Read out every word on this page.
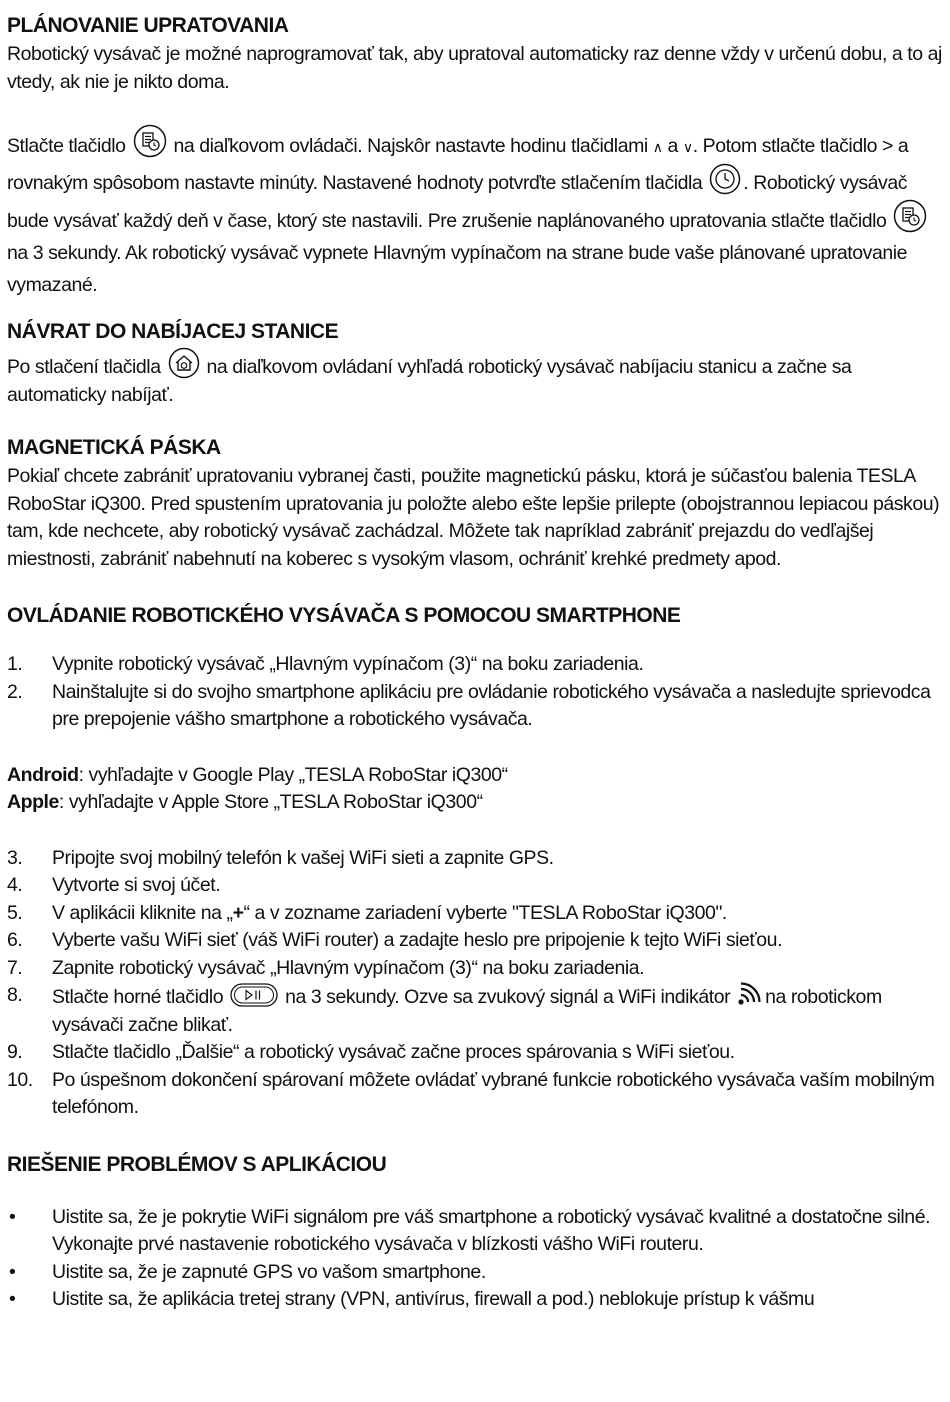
PLÁNOVANIE UPRATOVANIA

Robotický vysávač je možné naprogramovať tak, aby upratoval automaticky raz denne vždy v určenú dobu, a to aj vtedy, ak nie je nikto doma.

Stlačte tlačidlo na diaľkovom ovládači. Najskôr nastavte hodinu tlačidlami ∧ a ∨. Potom stlačte tlačidlo > a rovnakým spôsobom nastavte minúty. Nastavené hodnoty potvrďte stlačením tlačidla . Robotický vysávač bude vysávať každý deň v čase, ktorý ste nastavili. Pre zrušenie naplánovaného upratovania stlačte tlačidlo
na 3 sekundy. Ak robotický vysávač vypnete Hlavným vypínačom na strane bude vaše plánované upratovanie vymazané.

NÁVRAT DO NABÍJACEJ STANICE

Po stlačení tlačidla na diaľkovom ovládaní vyhľadá robotický vysávač nabíjaciu stanicu a začne sa automaticky nabíjať.

MAGNETICKÁ PÁSKA

Pokiaľ chcete zabrániť upratovaniu vybranej časti, použite magnetickú pásku, ktorá je súčasťou balenia TESLA RoboStar iQ300. Pred spustením upratovania ju položte alebo ešte lepšie prilepte (obojstrannou lepiacou páskou) tam, kde nechcete, aby robotický vysávač zachádzal. Môžete tak napríklad zabrániť prejazdu do vedľajšej miestnosti, zabrániť nabehnutí na koberec s vysokým vlasom, ochrániť krehké predmety apod.

OVLÁDANIE ROBOTICKÉHO VYSÁVAČA S POMOCOU SMARTPHONE
1. Vypnite robotický vysávač „Hlavným vypínačom (3)“ na boku zariadenia.
2. Nainštalujte si do svojho smartphone aplikáciu pre ovládanie robotického vysávača a nasledujte sprievodca pre prepojenie vášho smartphone a robotického vysávača.

Android: vyhľadajte v Google Play „TESLA RoboStar iQ300“

Apple: vyhľadajte v Apple Store „TESLA RoboStar iQ300“

3. Pripojte svoj mobilný telefón k vašej WiFi sieti a zapnite GPS.
4. Vytvorte si svoj účet.
5. V aplikácii kliknite na „+“ a v zozname zariadení vyberte "TESLA RoboStar iQ300".
6. Vyberte vašu WiFi sieť (váš WiFi router) a zadajte heslo pre pripojenie k tejto WiFi sieťou.
7. Zapnite robotický vysávač „Hlavným vypínačom (3)“ na boku zariadenia.
8. Stlačte horné tlačidlo	na 3 sekundy. Ozve sa zvukový signál a WiFi indikátor na robotickom vysávači začne blikať.
9. Stlačte tlačidlo „Ďalšie“ a robotický vysávač začne proces spárovania s WiFi sieťou.
10. Po úspešnom dokončení spárovaní môžete ovládať vybrané funkcie robotického vysávača vaším mobilným telefónom.
RIEŠENIE PROBLÉMOV S APLIKÁCIOU
• Uistite sa, že je pokrytie WiFi signálom pre váš smartphone a robotický vysávač kvalitné a dostatočne silné. Vykonajte prvé nastavenie robotického vysávača v blízkosti vášho WiFi routeru.
• Uistite sa, že je zapnuté GPS vo vašom smartphone.
• Uistite sa, že aplikácia tretej strany (VPN, antivírus, firewall a pod.) neblokuje prístup k vášmu
